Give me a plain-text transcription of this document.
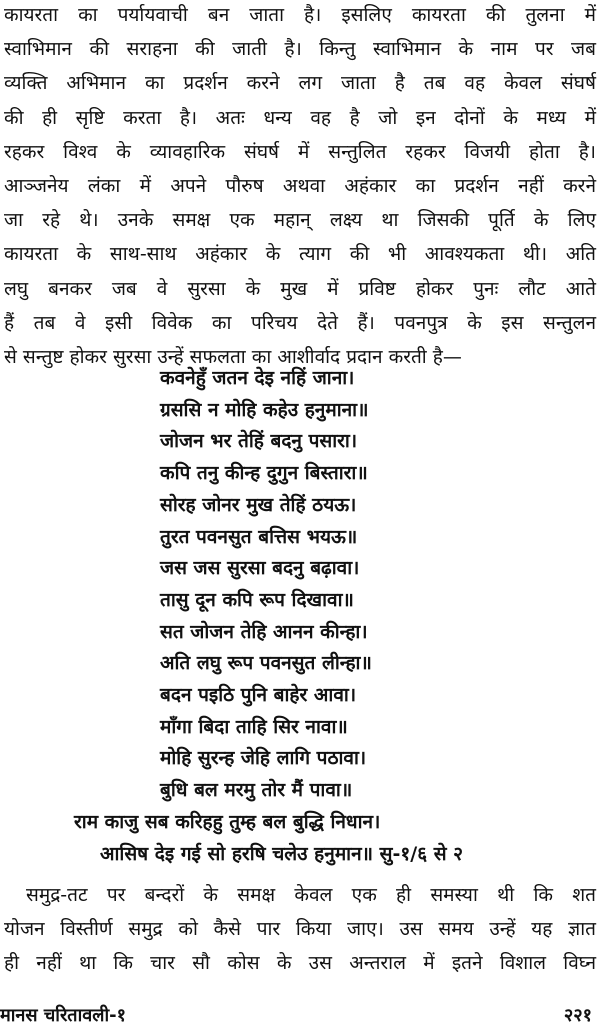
कायरता का पर्यायवाची बन जाता है। इसलिए कायरता की तुलना में
स्वाभिमान की सराहना की जाती है। किन्तु स्वाभिमान के नाम पर जब
व्यक्ति अभिमान का प्रदर्शन करने लग जाता है तब वह केवल संघर्ष
की ही सृष्टि करता है। अतः धन्य वह है जो इन दोनों के मध्य में
रहकर विश्व के व्यावहारिक संघर्ष में सन्तुलित रहकर विजयी होता है।
आञ्जनेय लंका में अपने पौरुष अथवा अहंकार का प्रदर्शन नहीं करने
जा रहे थे। उनके समक्ष एक महान् लक्ष्य था जिसकी पूर्ति के लिए
कायरता के साथ-साथ अहंकार के त्याग की भी आवश्यकता थी। अति
लघु बनकर जब वे सुरसा के मुख में प्रविष्ट होकर पुनः लौट आते
हैं तब वे इसी विवेक का परिचय देते हैं। पवनपुत्र के इस सन्तुलन
से सन्तुष्ट होकर सुरसा उन्हें सफलता का आशीर्वाद प्रदान करती है—
कवनेहुँ जतन देइ नहिं जाना।
ग्रससि न मोहि कहेउ हनुमाना॥
जोजन भर तेहिं बदनु पसारा।
कपि तनु कीन्ह दुगुन बिस्तारा॥
सोरह जोनर मुख तेहिं ठयऊ।
तुरत पवनसुत बत्तिस भयऊ॥
जस जस सुरसा बदनु बढ़ावा।
तासु दून कपि रूप दिखावा॥
सत जोजन तेहि आनन कीन्हा।
अति लघु रूप पवनसुत लीन्हा॥
बदन पइठि पुनि बाहेर आवा।
माँगा बिदा ताहि सिर नावा॥
मोहि सुरन्ह जेहि लागि पठावा।
बुधि बल मरमु तोर मैं पावा॥
राम काजु सब करिहहु तुम्ह बल बुद्धि निधान।
आसिष देइ गई सो हरषि चलेउ हनुमान॥ सु-१/६ से २
समुद्र-तट पर बन्दरों के समक्ष केवल एक ही समस्या थी कि शत
योजन विस्तीर्ण समुद्र को कैसे पार किया जाए। उस समय उन्हें यह ज्ञात
ही नहीं था कि चार सौ कोस के उस अन्तराल में इतने विशाल विघ्न
मानस चरितावली-१	२२१
